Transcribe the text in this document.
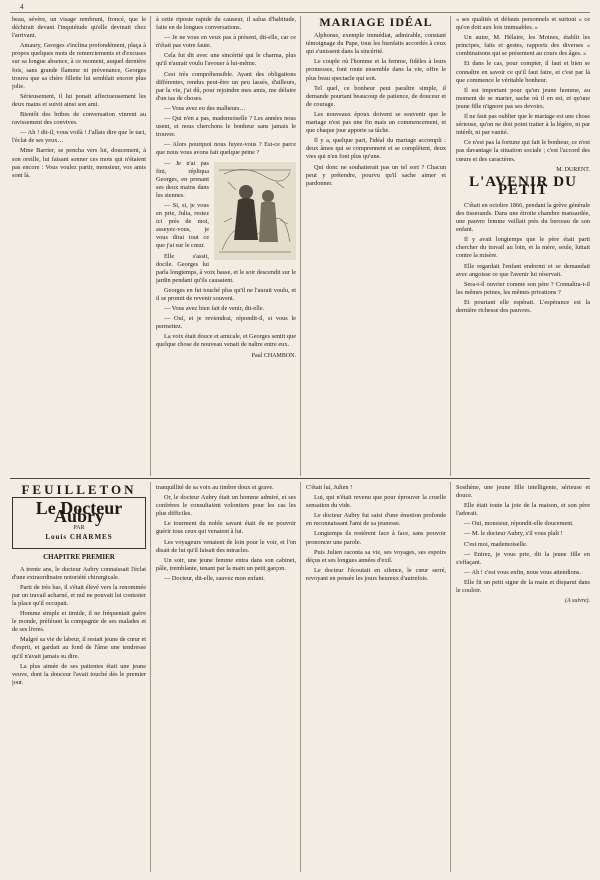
4

beau, sévère, un visage rembruni, froncé, que le déchirait devant l'inquiétude qu'elle devinait chez l'arrivant.

Amaury, Georges s'inclina profondément, plaça à propos quelques mots de remerciements et d'excuses sur sa longue absence, à ce moment, auquel dernière fois, sans grande flamme ni prévenance, Georges trouva que sa chère fillette lui semblait encore plus jolie.

Sérieusement, il lui ponait affectueusement les deux mains et suivit ainsi son ami.

Bientôt des bribes de conversation vinrent au ravissement des convives.

— Ah ! dit-il, vous voilà ! J'allais dire que le tact, l'éclat de ses yeux…

Mme Barrier, se pencha vers lui, doucement, à son oreille, lui faisant sonner ces mots qui n'étaient pas encore : Vous voulez partir, monsieur, vos amis sont là.

à cette riposte rapide du causeur, il salua d'habitude, faite en de longues conversations.

— Je ne vous en veux pas à présent, dit-elle, car ce n'était pas votre faute.

Cela fut dit avec une sincérité qui le charma, plus qu'il n'aurait voulu l'avouer à lui-même.

Cest très compréhensible. Ayant des obligations différentes, rendus peut-être un peu lassés, d'ailleurs, par la vie, j'ai dû, pour rejoindre mes amis, me défaire d'un tas de choses.

— Vous avez eu des malheurs…

— Qui n'en a pas, mademoiselle ? Les années nous usent, et nous cherchons le bonheur sans jamais le trouver.

— Alors pourquoi nous fuyez-vous ? Est-ce parce que nous vous avons fait quelque peine ?

— Je n'ai pas fini, répliqua Georges, en prenant ses deux mains dans les siennes.

— Si, si, je vous en prie, Julia, restez ici près de moi, asseyez-vous, je vous dirai tout ce que j'ai sur le cœur.

Elle s'assit, docile. Georges lui parla longtemps, à voix basse, et le soir descendit sur le jardin pendant qu'ils causaient.

Georges en fut touché plus qu'il ne l'aurait voulu, et il se promit de revenir souvent.

— Vous avez bien fait de venir, dit-elle.

— Oui, et je reviendrai, répondit-il, si vous le permettez.

La voix était douce et amicale, et Georges sentit que quelque chose de nouveau venait de naître entre eux.

Paul CHAMBON.
MARIAGE IDÉAL

Alphonse, exemple immédiat, admirable, constant témoignage du Pape, tous les bienfaits accordés à ceux qui s'unissent dans la sincérité.

Le couple où l'homme et la femme, fidèles à leurs promesses, font route ensemble dans la vie, offre le plus beau spectacle qui soit.

Tel quel, ce bonheur peut paraître simple, il demande pourtant beaucoup de patience, de douceur et de courage.

Les nouveaux époux doivent se souvenir que le mariage n'est pas une fin mais un commencement, et que chaque jour apporte sa tâche.

Il y a, quelque part, l'idéal du mariage accompli : deux âmes qui se comprennent et se complètent, deux vies qui n'en font plus qu'une.

Qui donc ne souhaiterait pas un tel sort ? Chacun peut y prétendre, pourvu qu'il sache aimer et pardonner.

« ses qualités et défauts personnels et surtout « ce qu'on doit aux lois immuables. »

Un autre, M. Hélaire, les Moines, établit les principes, faits et gestes, rapports des diverses « combinaisons qui se présentent au cours des âges. »

Et dans le cas, pour compter, il faut et bien se connaître en savoir ce qu'il faut faire, et c'est par là que commence le véritable bonheur.

Il est important pour qu'un jeune homme, au moment de se marier, sache où il en est, et qu'une jeune fille n'ignore pas ses devoirs.

Il ne faut pas oublier que le mariage est une chose sérieuse, qu'on ne doit point traiter à la légère, ni par intérêt, ni par vanité.

Ce n'est pas la fortune qui fait le bonheur, ce n'est pas davantage la situation sociale ; c'est l'accord des cœurs et des caractères.

M. DURENT.
L'AVENIR DU PETIT

C'était en octobre 1866, pendant la grève générale des tisserands. Dans une étroite chambre mansardée, une pauvre femme veillait près du berceau de son enfant.

Il y avait longtemps que le père était parti chercher du travail au loin, et la mère, seule, luttait contre la misère.

Elle regardait l'enfant endormi et se demandait avec angoisse ce que l'avenir lui réservait.

Sera-t-il ouvrier comme son père ? Connaîtra-t-il les mêmes peines, les mêmes privations ?

Et pourtant elle espérait. L'espérance est la dernière richesse des pauvres.

FEUILLETON
Le Docteur Aubry
PAR
Louis CHARMES
CHAPITRE PREMIER

A trente ans, le docteur Aubry connaissait l'éclat d'une extraordinaire notoriété chirurgicale.

Parti de très bas, il s'était élevé vers la renommée par un travail acharné, et nul ne pouvait lui contester la place qu'il occupait.

Homme simple et timide, il ne fréquentait guère le monde, préférant la compagnie de ses malades et de ses livres.

Malgré sa vie de labeur, il restait jeune de cœur et d'esprit, et gardait au fond de l'âme une tendresse qu'il n'avait jamais su dire.

La plus aimée de ses patientes était une jeune veuve, dont la douceur l'avait touché dès le premier jour.

tranquillité de sa voix au timbre doux et grave.

Or, le docteur Aubry était un homme admiré, et ses confrères le consultaient volontiers pour les cas les plus difficiles.

Le tourment du noble savant était de ne pouvoir guérir tous ceux qui venaient à lui.

Les voyageurs venaient de loin pour le voir, et l'on disait de lui qu'il faisait des miracles.

Un soir, une jeune femme entra dans son cabinet, pâle, tremblante, tenant par la main un petit garçon.

— Docteur, dit-elle, sauvez mon enfant.

C'était lui, Julien !

Lui, qui n'était revenu que pour éprouver la cruelle sensation du vide.

Le docteur Aubry fut saisi d'une émotion profonde en reconnaissant l'ami de sa jeunesse.

Longtemps ils restèrent face à face, sans pouvoir prononcer une parole.

Puis Julien raconta sa vie, ses voyages, ses espoirs déçus et ses longues années d'exil.

Le docteur l'écoutait en silence, le cœur serré, revoyant en pensée les jours heureux d'autrefois.

Sosthène, une jeune fille intelligente, sérieuse et douce.

Elle était toute la joie de la maison, et son père l'adorait.

— Oui, monsieur, répondit-elle doucement.

— M. le docteur Aubry, s'il vous plaît !

C'est moi, mademoiselle.

— Entrez, je vous prie, dit la jeune fille en s'effaçant.

— Ah ! c'est vous enfin, nous vous attendions.

Elle fit un petit signe de la main et disparut dans le couloir.

(A suivre).
